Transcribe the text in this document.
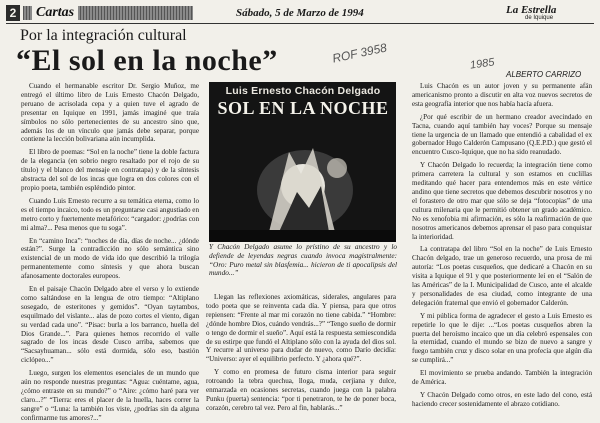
2 Cartas	Sábado, 5 de Marzo de 1994	La Estrella
de Iquique
Por la integración cultural
“El sol en la noche”	ROF 3958	1985
ALBERTO CARRIZO

Cuando el hermanable escritor Dr. Sergio Muñoz, me entregó el último libro de Luis Ernesto Chacón Delgado, peruano de acrisolada cepa y a quien tuve el agrado de presentar en Iquique en 1991, jamás imaginé que traía símbolos no sólo pertenecientes de su ancestro sino que, además los de un vínculo que jamás debe separar, porque contiene la lección bolivariana aún incumplida.

El libro de poemas: “Sol en la noche” tiene la doble factura de la elegancia (en sobrio negro resaltado por el rojo de su título) y el blanco del mensaje en contratapa) y de la síntesis abstracta del sol de los incas que logra en dos colores con el propio poeta, también espléndido pintor.

Cuando Luis Ernesto recurre a su temática eterna, como lo es el tiempo incaico, todo es un preguntarse casi angustiado en metro corto y fuertemente metafórico: “cargador: ¿podrías con mi alma?... Pesa menos que tu soga”.

En “camino Inca”: “noches de día, días de noche... ¿dónde están?”. Surge la contradicción no sólo semántica sino existencial de un modo de vida ido que describió la trilogía permanentemente como síntesis y que ahora buscan afanosamente doctorales europeos.

En el paisaje Chacón Delgado abre el verso y lo extiende como saltándose en la lengua de otro tiempo: “Altiplano sosegado, de esteritones y gemidos”. “Oyan taytambos, esquilmado del vislante... alas de pozo cortes el viento, digan su verdad cada uno”. “Pisac: burla a los barranco, huella del Dios Grande...”. Para quienes hemos recorrido el valle sagrado de los incas desde Cusco arriba, sabemos que “Sacsayhuaman... sólo está dormida, sólo eso, bastión ciclópeo...”

Luego, surgen los elementos esenciales de un mundo que aún no responde nuestras preguntas: “Agua: cuéntame, agua, ¿cómo entraste en su mundo?” o “Aire: ¿cómo haré para ver claro...?” “Tierra: eres el placer de la huella, haces correr la sangre” o “Luna: la también los viste, ¿podrías sin da alguna confirmarme tus amores?...”

Luis Ernesto Chacón Delgado
SOL EN LA NOCHE
Y Chacón Delgado asume lo prístino de su ancestro y lo defiende de leyendas negras cuando invoca magistralmente: “Oro: Puro metal sin blasfemia... hicieron de ti apocalipsis del mundo...”

Llegan las reflexiones axiomáticas, siderales, angulares para todo poeta que se reinventa cada día. Y piensa, para que otros repiensen: “Frente al mar mi corazón no tiene cabida.” “Hombre: ¿dónde hombre Dios, cuándo vendrás...?” “Tengo sueño de dormir o tengo de dormir el sueño”. Aquí está la respuesta semiescondida de su estirpe que fundó el Altiplano sólo con la ayuda del dios sol. Y recurre al universo para dudar de nuevo, como Darío decidía: “Universo: ayer el equilibrio perfecto. Y ¿ahora qué?”.

Y como en promesa de futuro cisma interior para seguir rotroando la tebra quechua, lloga, muda, cerjiana y dulce, enmarzada en ocasiones secretas, cuando juega con la palabra Punku (puerta) sentencia: “por ti penetraron, te he de poner boca, corazón, cerebro tal vez. Pero al fin, hablarás...”

Luis Chacón es un autor joven y su permanente afán americanismo pronto a discutir en alta voz nuevos secretos de esta geografía interior que nos había hacía afuera.

¿Por qué escribir de un hermano creador avecindado en Tacna, cuando aquí también hay voces? Porque su mensaje tiene la urgencia de un llamado que entendió a cabalidad el ex gobernador Hugo Calderón Campusano (Q.E.P.D.) que gestó el encuentro Cusco-Iquique, que no ha sido reanudado.

Y Chacón Delgado lo recuerda; la integración tiene como primera carretera la cultural y son estamos en cuclillas meditando qué hacer para entendernos más en este vértice andino que tiene secretos que debemos descubrir nosotros y no el forastero de otro mar que sólo se deja “fotocopias” de una cultura milenaria que le permitió obtener un grado académico. No es xenofobia mi afirmación, es sólo la reafirmación de que nosotros americanos debemos aprensar el paso para conquistar la interioridad.

La contratapa del libro “Sol en la noche” de Luis Ernesto Chacón delgado, trae un generoso recuerdo, una prosa de mi autoría: “Los poetas cusqueños, que dedicaré a Chacón en su visita a Iquique el 91 y que posteriormente leí en el “Salón de las Américas” de la I. Municipalidad de Cusco, ante el alcalde y personalidades de esa ciudad, como integrante de una delegación fraternal que envió el gobernador Calderón.

Y mi pública forma de agradecer el gesto a Luis Ernesto es repetirle lo que le dije: ...“Los poetas cusqueños abren la puerta del heroísmo incaico que un día celebró espensales con la eternidad, cuando el mundo se bizo de nuevo a sangre y fuego también cruz y disco solar en una profecía que algún día se cumplirá...”

El movimiento se prueba andando. También la integración de América.

Y Chacón Delgado como otros, en este lado del cono, está haciendo crecer sostenidamente el abrazo cotidiano.
